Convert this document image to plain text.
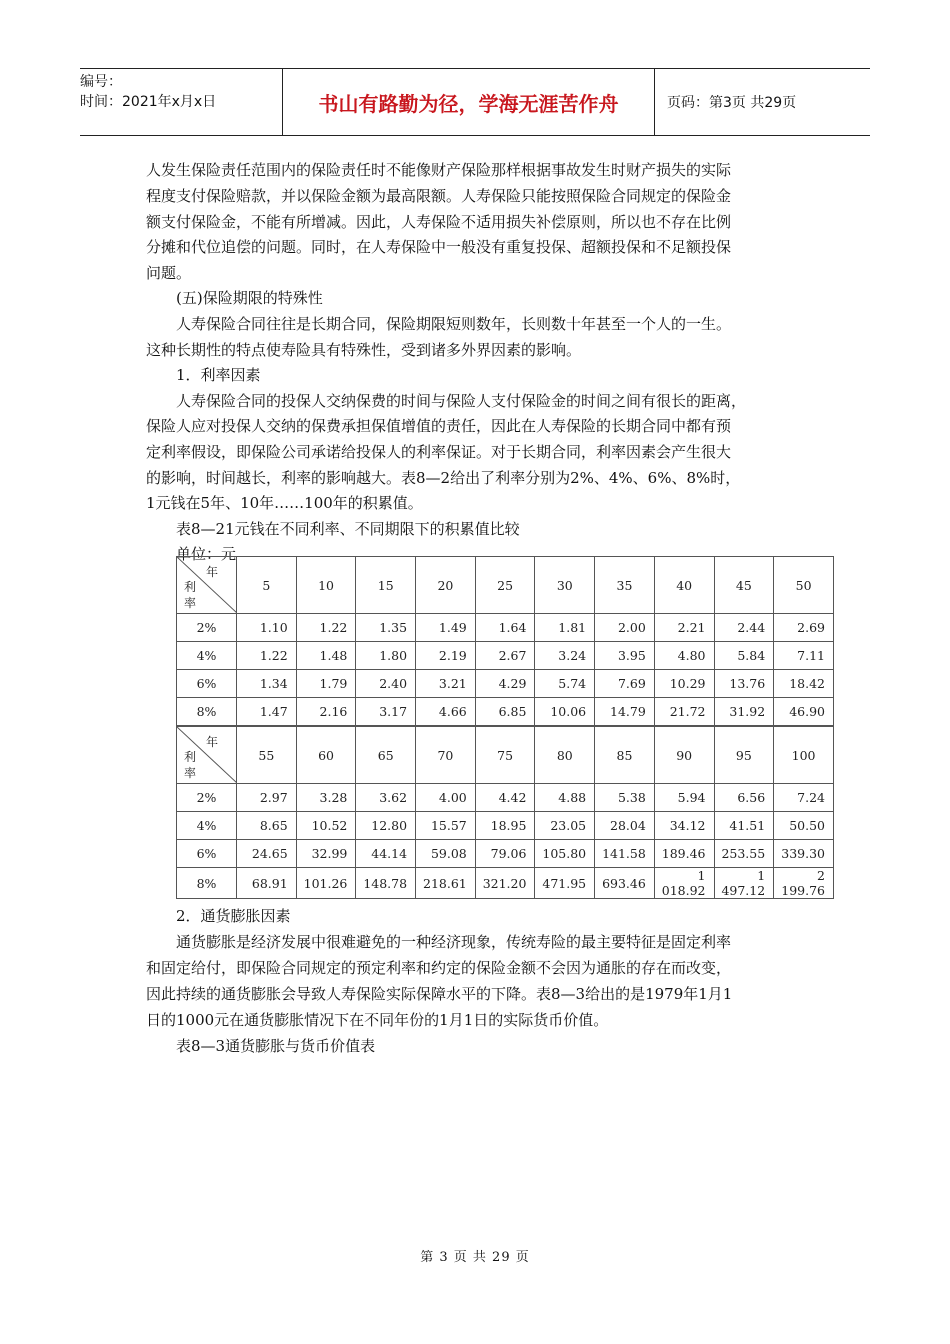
编号：
时间：2021年x月x日	书山有路勤为径，学海无涯苦作舟	页码：第3页 共29页
人发生保险责任范围内的保险责任时不能像财产保险那样根据事故发生时财产损失的实际
程度支付保险赔款，并以保险金额为最高限额。人寿保险只能按照保险合同规定的保险金
额支付保险金，不能有所增减。因此，人寿保险不适用损失补偿原则，所以也不存在比例
分摊和代位追偿的问题。同时，在人寿保险中一般没有重复投保、超额投保和不足额投保
问题。
(五)保险期限的特殊性
人寿保险合同往往是长期合同，保险期限短则数年，长则数十年甚至一个人的一生。
这种长期性的特点使寿险具有特殊性，受到诸多外界因素的影响。
1．利率因素
人寿保险合同的投保人交纳保费的时间与保险人支付保险金的时间之间有很长的距离，
保险人应对投保人交纳的保费承担保值增值的责任，因此在人寿保险的长期合同中都有预
定利率假设，即保险公司承诺给投保人的利率保证。对于长期合同，利率因素会产生很大
的影响，时间越长，利率的影响越大。表8—2给出了利率分别为2%、4%、6%、8%时，
1元钱在5年、10年……100年的积累值。
表8—21元钱在不同利率、不同期限下的积累值比较
单位：元
年
利率	5	10	15	20	25	30	35	40	45	50
2%	1.10	1.22	1.35	1.49	1.64	1.81	2.00	2.21	2.44	2.69
4%	1.22	1.48	1.80	2.19	2.67	3.24	3.95	4.80	5.84	7.11
6%	1.34	1.79	2.40	3.21	4.29	5.74	7.69	10.29	13.76	18.42
8%	1.47	2.16	3.17	4.66	6.85	10.06	14.79	21.72	31.92	46.90
年
利率	55	60	65	70	75	80	85	90	95	100
2%	2.97	3.28	3.62	4.00	4.42	4.88	5.38	5.94	6.56	7.24
4%	8.65	10.52	12.80	15.57	18.95	23.05	28.04	34.12	41.51	50.50
6%	24.65	32.99	44.14	59.08	79.06	105.80	141.58	189.46	253.55	339.30
8%	68.91	101.26	148.78	218.61	321.20	471.95	693.46	1 018.92	1 497.12	2 199.76
2．通货膨胀因素
通货膨胀是经济发展中很难避免的一种经济现象，传统寿险的最主要特征是固定利率
和固定给付，即保险合同规定的预定利率和约定的保险金额不会因为通胀的存在而改变，
因此持续的通货膨胀会导致人寿保险实际保障水平的下降。表8—3给出的是1979年1月1
日的1000元在通货膨胀情况下在不同年份的1月1日的实际货币价值。
表8—3通货膨胀与货币价值表
第 3 页 共 29 页
